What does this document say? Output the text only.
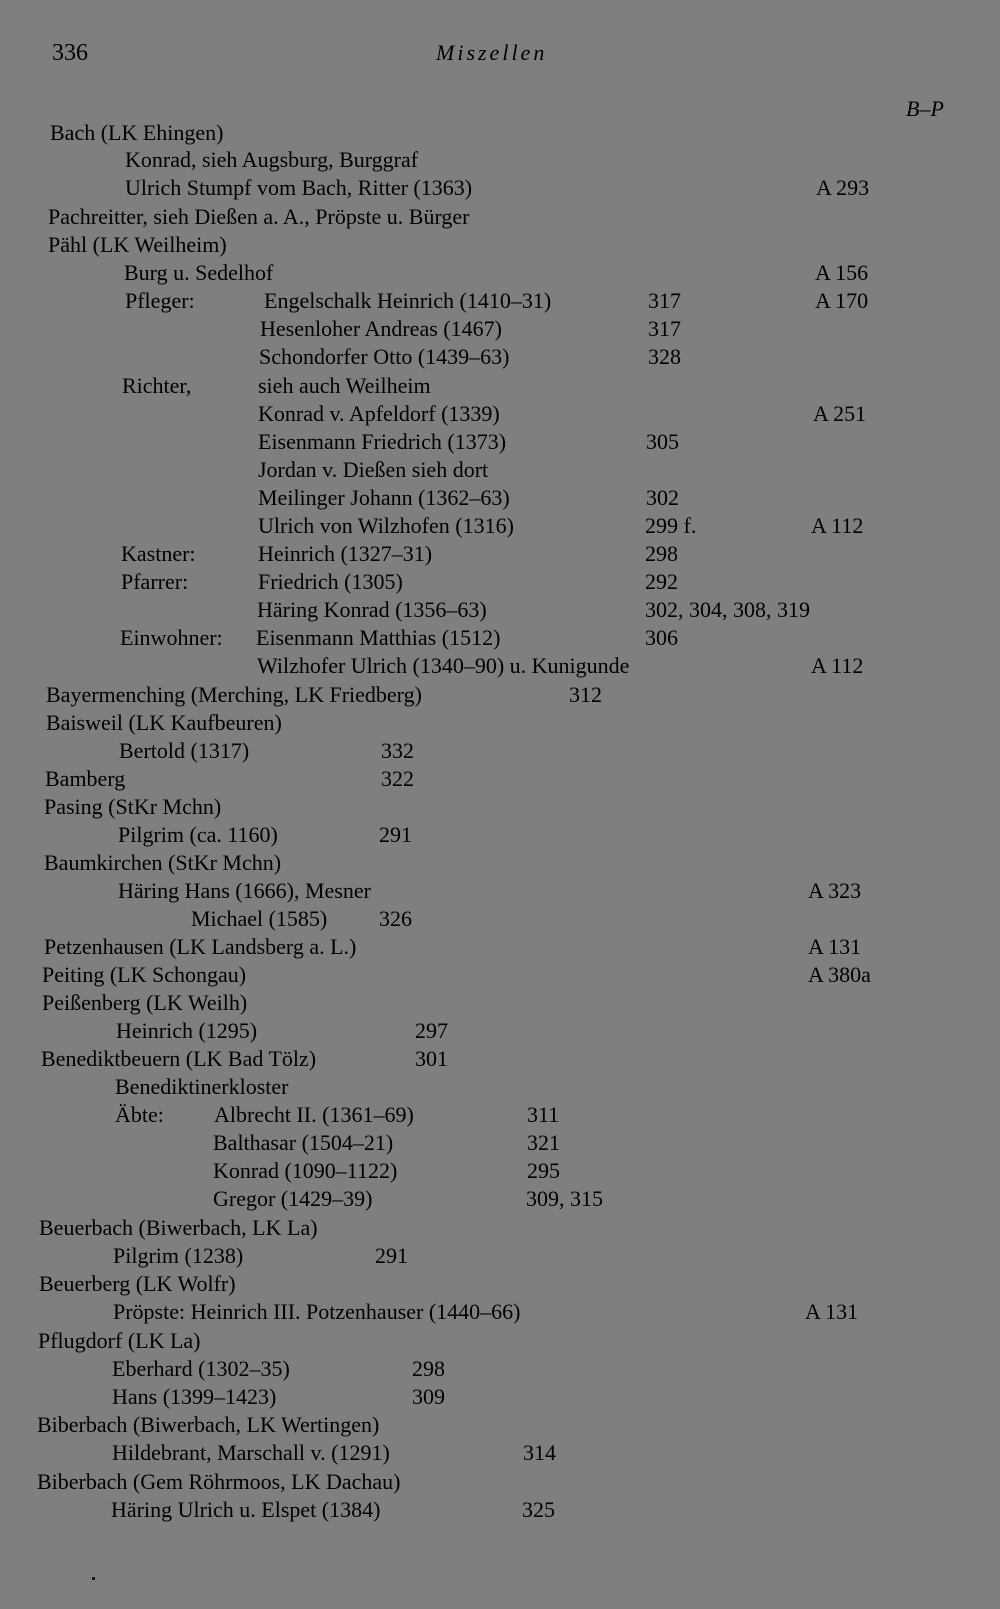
336	Miszellen
B–P
Bach (LK Ehingen)
Konrad, sieh Augsburg, Burggraf
Ulrich Stumpf vom Bach, Ritter (1363)	A 293
Pachreitter, sieh Dießen a. A., Pröpste u. Bürger
Pähl (LK Weilheim)
Burg u. Sedelhof	A 156
Pfleger:	Engelschalk Heinrich (1410–31)	317	A 170
Hesenloher Andreas (1467)	317
Schondorfer Otto (1439–63)	328
Richter,	sieh auch Weilheim
Konrad v. Apfeldorf (1339)	A 251
Eisenmann Friedrich (1373)	305
Jordan v. Dießen sieh dort
Meilinger Johann (1362–63)	302
Ulrich von Wilzhofen (1316)	299 f.	A 112
Kastner:	Heinrich (1327–31)	298
Pfarrer:	Friedrich (1305)	292
Häring Konrad (1356–63)	302, 304, 308, 319
Einwohner: Eisenmann Matthias (1512)	306
Wilzhofer Ulrich (1340–90) u. Kunigunde	A 112
Bayermenching (Merching, LK Friedberg)	312
Baisweil (LK Kaufbeuren)
Bertold (1317)	332
Bamberg	322
Pasing (StKr Mchn)
Pilgrim (ca. 1160)	291
Baumkirchen (StKr Mchn)
Häring Hans (1666), Mesner	A 323
Michael (1585) 326
Petzenhausen (LK Landsberg a. L.)	A 131
Peiting (LK Schongau)	A 380a
Peißenberg (LK Weilh)
Heinrich (1295)	297
Benediktbeuern (LK Bad Tölz)	301
Benediktinerkloster
Äbte: Albrecht II. (1361–69)	311
Balthasar (1504–21)	321
Konrad (1090–1122)	295
Gregor (1429–39)	309, 315
Beuerbach (Biwerbach, LK La)
Pilgrim (1238)	291
Beuerberg (LK Wolfr)
Pröpste: Heinrich III. Potzenhauser (1440–66)	A 131
Pflugdorf (LK La)
Eberhard (1302–35)	298
Hans (1399–1423)	309
Biberbach (Biwerbach, LK Wertingen)
Hildebrant, Marschall v. (1291)	314
Biberbach (Gem Röhrmoos, LK Dachau)
Häring Ulrich u. Elspet (1384)	325
